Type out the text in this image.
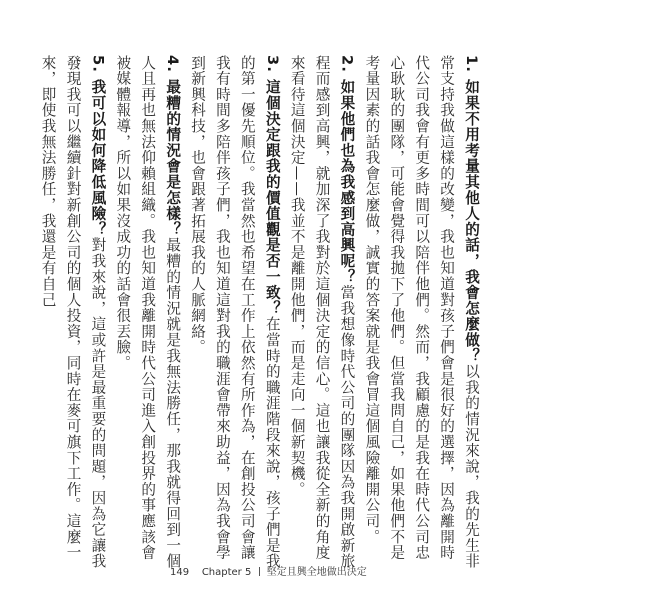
1. 如果不用考量其他人的話，我會怎麼做？以我的情況來說，我的先生非常支持我做這樣的改變，我也知道對孩子們會是很好的選擇，因為離開時代公司我會有更多時間可以陪伴他們。然而，我顧慮的是我在時代公司忠心耿耿的團隊，可能會覺得我拋下了他們。但當我問自己，如果他們不是考量因素的話我會怎麼做，誠實的答案就是我會冒這個風險離開公司。
2. 如果他們也為我感到高興呢？當我想像時代公司的團隊因為我開啟新旅程而感到高興，就加深了我對於這個決定的信心。這也讓我從全新的角度來看待這個決定——我並不是離開他們，而是走向一個新契機。
3. 這個決定跟我的價值觀是否一致？在當時的職涯階段來說，孩子們是我的第一優先順位。我當然也希望在工作上依然有所作為，在創投公司會讓我有時間多陪伴孩子們，我也知道這對我的職涯會帶來助益，因為我會學到新興科技，也會跟著拓展我的人脈網絡。
4. 最糟的情況會是怎樣？最糟的情況就是我無法勝任，那我就得回到一個人且再也無法仰賴組織。我也知道我離開時代公司進入創投界的事應該會被媒體報導，所以如果沒成功的話會很丟臉。
5. 我可以如何降低風險？對我來說，這或許是最重要的問題，因為它讓我發現我可以繼續針對新創公司的個人投資，同時在麥可旗下工作。這麼一來，即使我無法勝任，我還是有自己
149 Chapter 5 堅定且興全地做出決定
